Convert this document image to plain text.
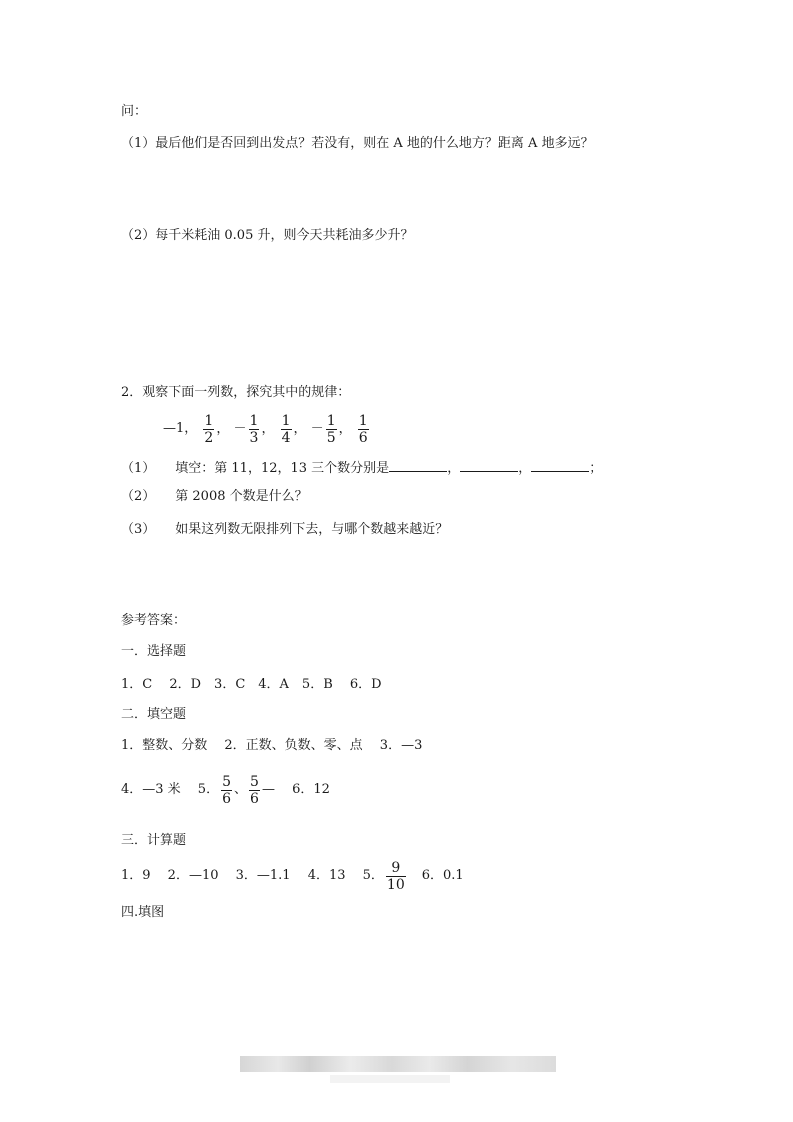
问：
（1）最后他们是否回到出发点？若没有，则在 A 地的什么地方？距离 A 地多远？
（2）每千米耗油 0.05 升，则今天共耗油多少升？
2．观察下面一列数，探究其中的规律：
—1， $\frac{1}{2}$ ， － $\frac{1}{3}$ ， $\frac{1}{4}$ ， － $\frac{1}{5}$ ， $\frac{1}{6}$
（1） 填空：第 11，12，13 三个数分别是	，	，	；
（2） 第 2008 个数是什么？
（3） 如果这列数无限排列下去，与哪个数越来越近？
参考答案：
一．选择题
1．C　 2．D　3．C　4．A　5．B　 6．D
二．填空题
1．整数、分数　 2．正数、负数、零、点　 3．—3
4．—3 米　 5． $\frac{5}{6}$ 、 $\frac{5}{6}$ —　 6．12
三．计算题
1．9　 2．—10　 3．—1.1　 4．13　 5． $\frac{9}{10} 6$．0.1
四.填图
